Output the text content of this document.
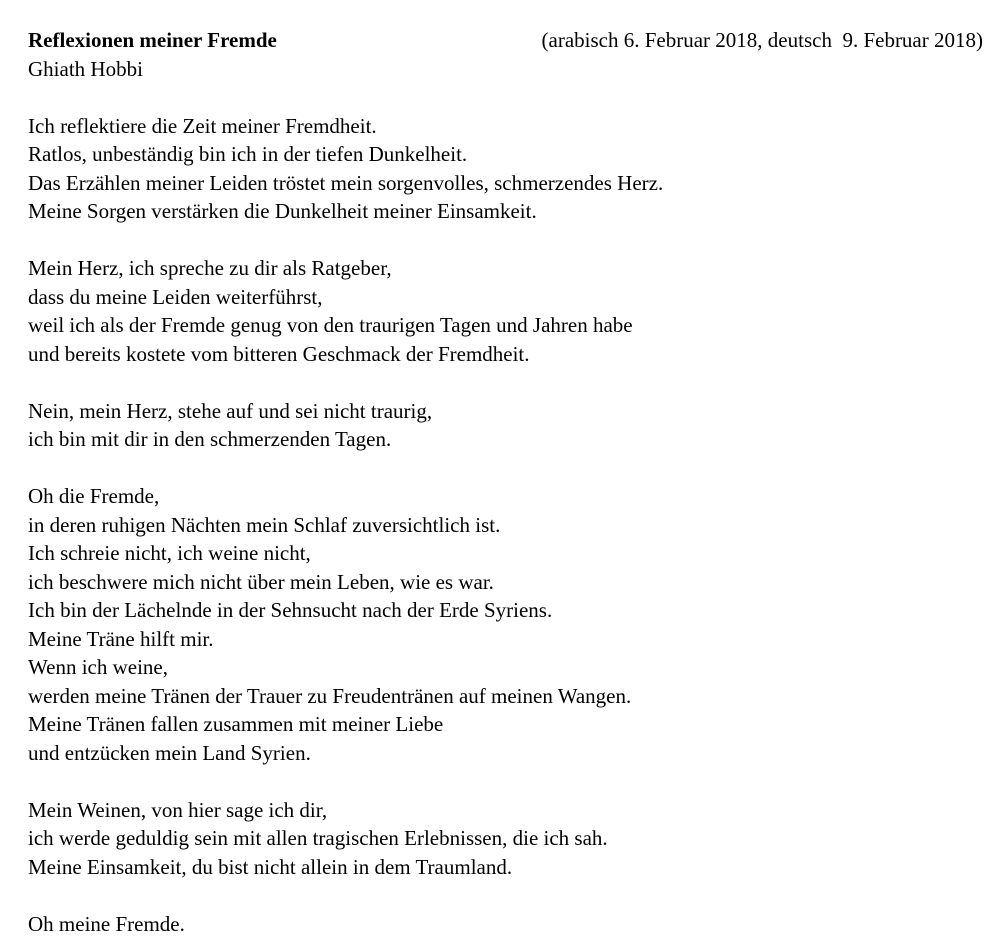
Reflexionen meiner Fremde	(arabisch 6. Februar 2018, deutsch  9. Februar 2018)
Ghiath Hobbi
Ich reflektiere die Zeit meiner Fremdheit.
Ratlos, unbeständig bin ich in der tiefen Dunkelheit.
Das Erzählen meiner Leiden tröstet mein sorgenvolles, schmerzendes Herz.
Meine Sorgen verstärken die Dunkelheit meiner Einsamkeit.
Mein Herz, ich spreche zu dir als Ratgeber,
dass du meine Leiden weiterführst,
weil ich als der Fremde genug von den traurigen Tagen und Jahren habe
und bereits kostete vom bitteren Geschmack der Fremdheit.
Nein, mein Herz, stehe auf und sei nicht traurig,
ich bin mit dir in den schmerzenden Tagen.
Oh die Fremde,
in deren ruhigen Nächten mein Schlaf zuversichtlich ist.
Ich schreie nicht, ich weine nicht,
ich beschwere mich nicht über mein Leben, wie es war.
Ich bin der Lächelnde in der Sehnsucht nach der Erde Syriens.
Meine Träne hilft mir.
Wenn ich weine,
werden meine Tränen der Trauer zu Freudentränen auf meinen Wangen.
Meine Tränen fallen zusammen mit meiner Liebe
und entzücken mein Land Syrien.
Mein Weinen, von hier sage ich dir,
ich werde geduldig sein mit allen tragischen Erlebnissen, die ich sah.
Meine Einsamkeit, du bist nicht allein in dem Traumland.
Oh meine Fremde.
